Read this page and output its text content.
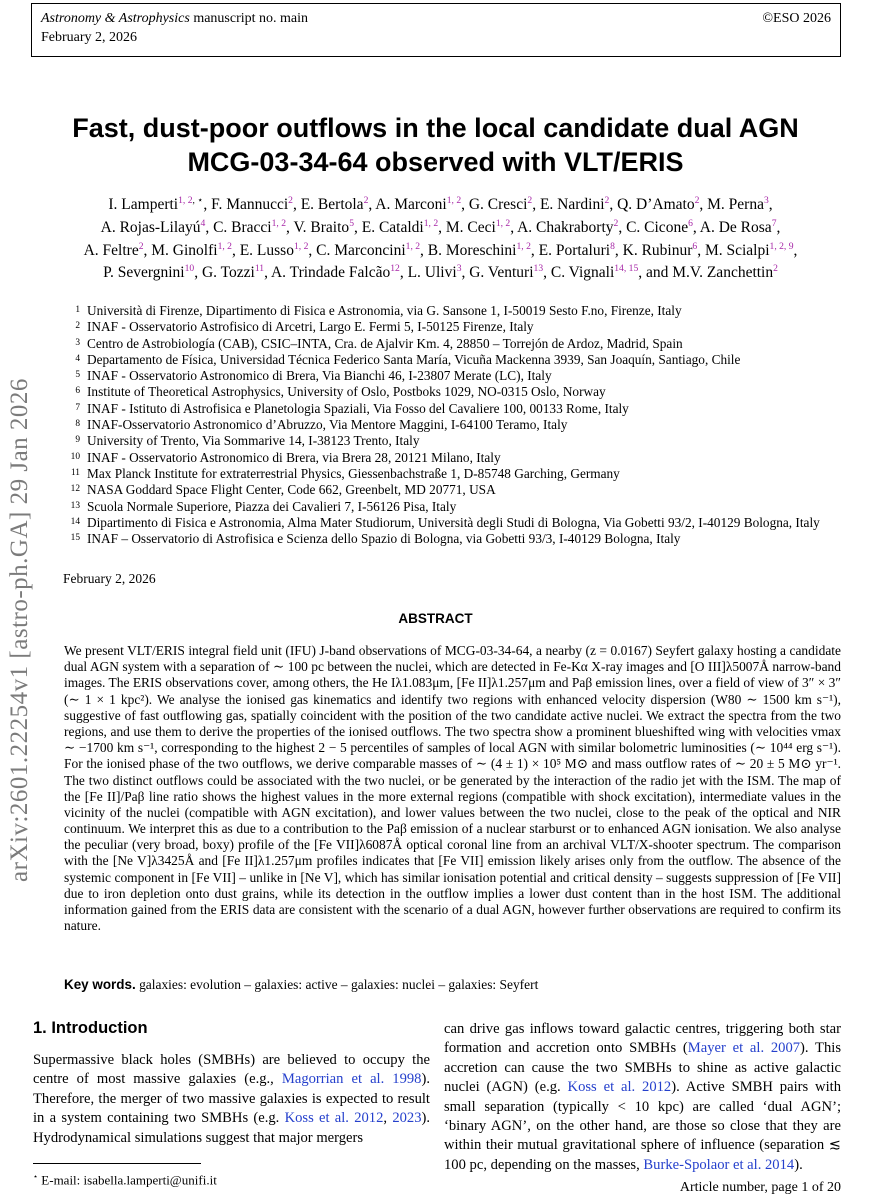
Astronomy & Astrophysics manuscript no. main
February 2, 2026
©ESO 2026
arXiv:2601.22254v1 [astro-ph.GA] 29 Jan 2026
Fast, dust-poor outflows in the local candidate dual AGN
MCG-03-34-64 observed with VLT/ERIS
I. Lamperti$^{1, 2, ⋆}$, F. Mannucci$^2$, E. Bertola$^2$, A. Marconi$^{1, 2}$, G. Cresci$^2$, E. Nardini$^2$, Q. D’Amato$^2$, M. Perna$^3$,
A. Rojas-Lilayú$^4$, C. Bracci$^{1, 2}$, V. Braito$^5$, E. Cataldi$^{1, 2}$, M. Ceci$^{1, 2}$, A. Chakraborty$^2$, C. Cicone$^6$, A. De Rosa$^7$,
A. Feltre$^2$, M. Ginolfi$^{1, 2}$, E. Lusso$^{1, 2}$, C. Marconcini$^{1, 2}$, B. Moreschini$^{1, 2}$, E. Portaluri$^8$, K. Rubinur$^6$, M. Scialpi$^{1, 2, 9}$,
P. Severgnini$^{10}$, G. Tozzi$^{11}$, A. Trindade Falcão$^{12}$, L. Ulivi$^3$, G. Venturi$^{13}$, C. Vignali$^{14, 15}$, and M.V. Zanchettin$^2$
1 Università di Firenze, Dipartimento di Fisica e Astronomia, via G. Sansone 1, I-50019 Sesto F.no, Firenze, Italy
2 INAF - Osservatorio Astrofisico di Arcetri, Largo E. Fermi 5, I-50125 Firenze, Italy
3 Centro de Astrobiología (CAB), CSIC–INTA, Cra. de Ajalvir Km. 4, 28850 – Torrejón de Ardoz, Madrid, Spain
4 Departamento de Física, Universidad Técnica Federico Santa María, Vicuña Mackenna 3939, San Joaquín, Santiago, Chile
5 INAF - Osservatorio Astronomico di Brera, Via Bianchi 46, I-23807 Merate (LC), Italy
6 Institute of Theoretical Astrophysics, University of Oslo, Postboks 1029, NO-0315 Oslo, Norway
7 INAF - Istituto di Astrofisica e Planetologia Spaziali, Via Fosso del Cavaliere 100, 00133 Rome, Italy
8 INAF-Osservatorio Astronomico d’Abruzzo, Via Mentore Maggini, I-64100 Teramo, Italy
9 University of Trento, Via Sommarive 14, I-38123 Trento, Italy
10 INAF - Osservatorio Astronomico di Brera, via Brera 28, 20121 Milano, Italy
11 Max Planck Institute for extraterrestrial Physics, Giessenbachstraße 1, D-85748 Garching, Germany
12 NASA Goddard Space Flight Center, Code 662, Greenbelt, MD 20771, USA
13 Scuola Normale Superiore, Piazza dei Cavalieri 7, I-56126 Pisa, Italy
14 Dipartimento di Fisica e Astronomia, Alma Mater Studiorum, Università degli Studi di Bologna, Via Gobetti 93/2, I-40129 Bologna, Italy
15 INAF – Osservatorio di Astrofisica e Scienza dello Spazio di Bologna, via Gobetti 93/3, I-40129 Bologna, Italy
February 2, 2026
ABSTRACT
We present VLT/ERIS integral field unit (IFU) J-band observations of MCG-03-34-64, a nearby (z = 0.0167) Seyfert galaxy hosting a candidate dual AGN system with a separation of ∼ 100 pc between the nuclei, which are detected in Fe-Kα X-ray images and [O III]λ5007Å narrow-band images. The ERIS observations cover, among others, the He Iλ1.083μm, [Fe II]λ1.257μm and Paβ emission lines, over a field of view of 3″ × 3″ (∼ 1 × 1 kpc²). We analyse the ionised gas kinematics and identify two regions with enhanced velocity dispersion (W80 ∼ 1500 km s⁻¹), suggestive of fast outflowing gas, spatially coincident with the position of the two candidate active nuclei. We extract the spectra from the two regions, and use them to derive the properties of the ionised outflows. The two spectra show a prominent blueshifted wing with velocities vmax ∼ −1700 km s⁻¹, corresponding to the highest 2 − 5 percentiles of samples of local AGN with similar bolometric luminosities (∼ 10⁴⁴ erg s⁻¹). For the ionised phase of the two outflows, we derive comparable masses of ∼ (4 ± 1) × 10⁵ M⊙ and mass outflow rates of ∼ 20 ± 5 M⊙ yr⁻¹. The two distinct outflows could be associated with the two nuclei, or be generated by the interaction of the radio jet with the ISM. The map of the [Fe II]/Paβ line ratio shows the highest values in the more external regions (compatible with shock excitation), intermediate values in the vicinity of the nuclei (compatible with AGN excitation), and lower values between the two nuclei, close to the peak of the optical and NIR continuum. We interpret this as due to a contribution to the Paβ emission of a nuclear starburst or to enhanced AGN ionisation. We also analyse the peculiar (very broad, boxy) profile of the [Fe VII]λ6087Å optical coronal line from an archival VLT/X-shooter spectrum. The comparison with the [Ne V]λ3425Å and [Fe II]λ1.257μm profiles indicates that [Fe VII] emission likely arises only from the outflow. The absence of the systemic component in [Fe VII] – unlike in [Ne V], which has similar ionisation potential and critical density – suggests suppression of [Fe VII] due to iron depletion onto dust grains, while its detection in the outflow implies a lower dust content than in the host ISM. The additional information gained from the ERIS data are consistent with the scenario of a dual AGN, however further observations are required to confirm its nature.
Key words. galaxies: evolution – galaxies: active – galaxies: nuclei – galaxies: Seyfert
1. Introduction

Supermassive black holes (SMBHs) are believed to occupy the centre of most massive galaxies (e.g., Magorrian et al. 1998). Therefore, the merger of two massive galaxies is expected to result in a system containing two SMBHs (e.g. Koss et al. 2012, 2023). Hydrodynamical simulations suggest that major mergers

⋆ E-mail: isabella.lamperti@unifi.it

can drive gas inflows toward galactic centres, triggering both star formation and accretion onto SMBHs (Mayer et al. 2007). This accretion can cause the two SMBHs to shine as active galactic nuclei (AGN) (e.g. Koss et al. 2012). Active SMBH pairs with small separation (typically < 10 kpc) are called ‘dual AGN’; ‘binary AGN’, on the other hand, are those so close that they are within their mutual gravitational sphere of influence (separation ≲ 100 pc, depending on the masses, Burke-Spolaor et al. 2014).

Article number, page 1 of 20
